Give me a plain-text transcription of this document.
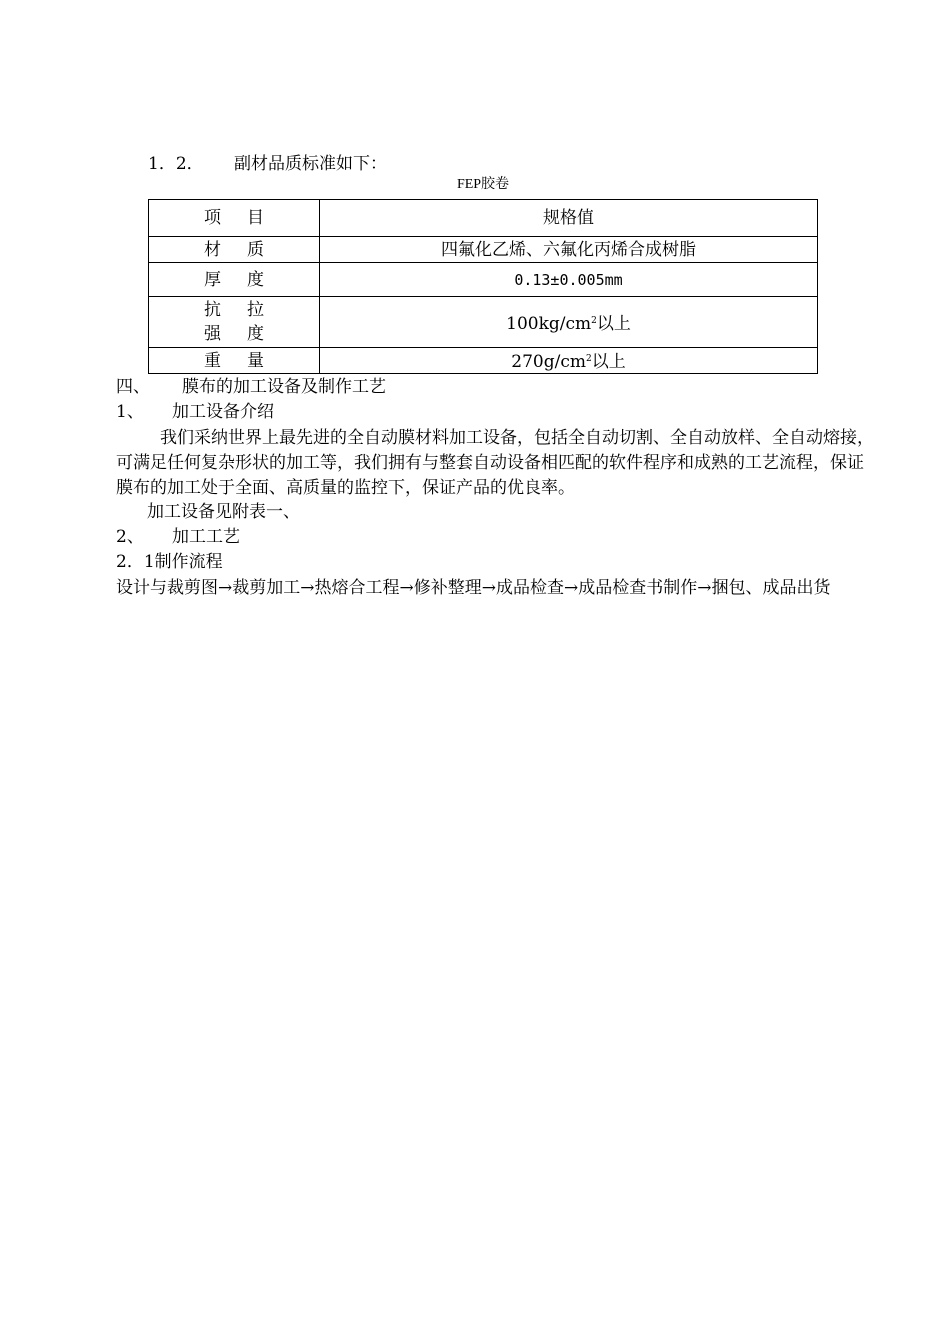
1．2． 副材品质标准如下：
FEP胶卷
项 目	规格值
材 质	四氟化乙烯、六氟化丙烯合成树脂
厚 度	0.13±0.005mm

抗 拉
强 度	$100kg/cm^2$以上
重 量	$270g/cm^2$以上
四、 膜布的加工设备及制作工艺
1、 加工设备介绍
我们采纳世界上最先进的全自动膜材料加工设备，包括全自动切割、全自动放样、全自动熔接，可满足任何复杂形状的加工等，我们拥有与整套自动设备相匹配的软件程序和成熟的工艺流程，保证膜布的加工处于全面、高质量的监控下，保证产品的优良率。
加工设备见附表一、
2、 加工工艺
2．1制作流程
设计与裁剪图→裁剪加工→热熔合工程→修补整理→成品检查→成品检查书制作→捆包、成品出货
